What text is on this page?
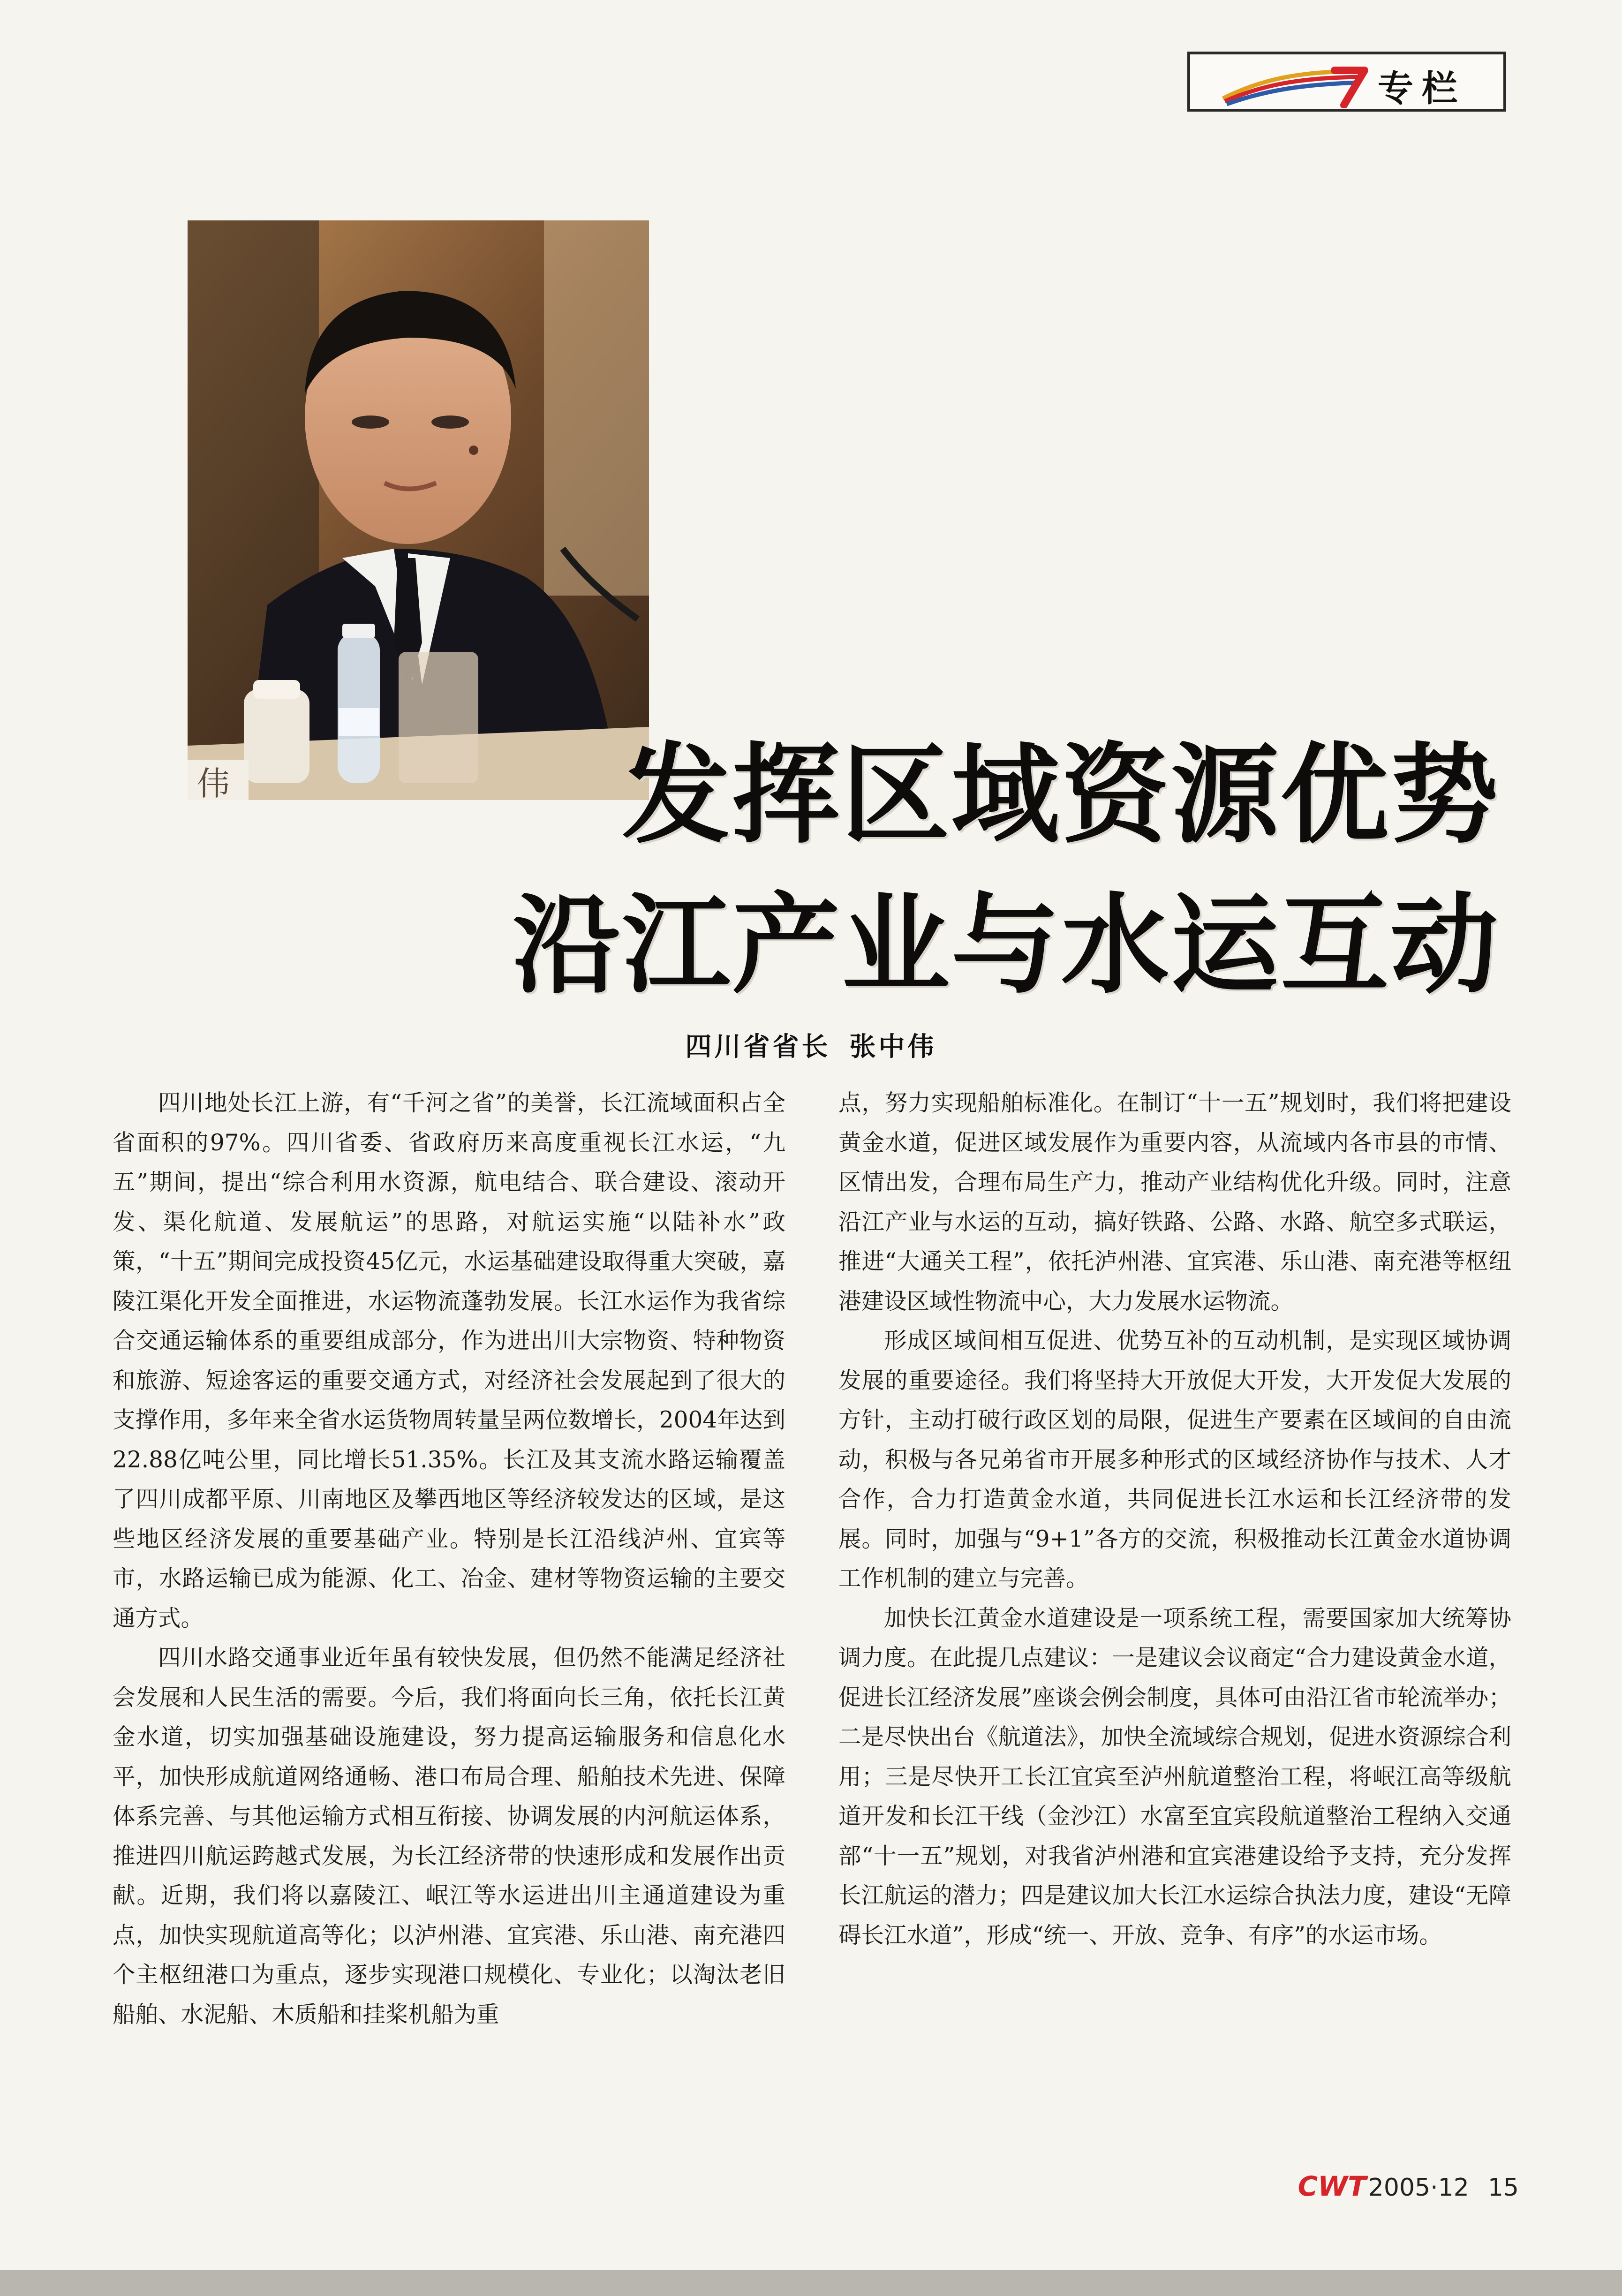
专栏
伟	发挥区域资源优势
沿江产业与水运互动
四川省省长 张中伟

四川地处长江上游，有“千河之省”的美誉，长江流域面积占全省面积的97%。四川省委、省政府历来高度重视长江水运，“九五”期间，提出“综合利用水资源，航电结合、联合建设、滚动开发、渠化航道、发展航运”的思路，对航运实施“以陆补水”政策，“十五”期间完成投资45亿元，水运基础建设取得重大突破，嘉陵江渠化开发全面推进，水运物流蓬勃发展。长江水运作为我省综合交通运输体系的重要组成部分，作为进出川大宗物资、特种物资和旅游、短途客运的重要交通方式，对经济社会发展起到了很大的支撑作用，多年来全省水运货物周转量呈两位数增长，2004年达到22.88亿吨公里，同比增长51.35%。长江及其支流水路运输覆盖了四川成都平原、川南地区及攀西地区等经济较发达的区域，是这些地区经济发展的重要基础产业。特别是长江沿线泸州、宜宾等市，水路运输已成为能源、化工、冶金、建材等物资运输的主要交通方式。

四川水路交通事业近年虽有较快发展，但仍然不能满足经济社会发展和人民生活的需要。今后，我们将面向长三角，依托长江黄金水道，切实加强基础设施建设，努力提高运输服务和信息化水平，加快形成航道网络通畅、港口布局合理、船舶技术先进、保障体系完善、与其他运输方式相互衔接、协调发展的内河航运体系，推进四川航运跨越式发展，为长江经济带的快速形成和发展作出贡献。近期，我们将以嘉陵江、岷江等水运进出川主通道建设为重点，加快实现航道高等化；以泸州港、宜宾港、乐山港、南充港四个主枢纽港口为重点，逐步实现港口规模化、专业化；以淘汰老旧船舶、水泥船、木质船和挂桨机船为重

点，努力实现船舶标准化。在制订“十一五”规划时，我们将把建设黄金水道，促进区域发展作为重要内容，从流域内各市县的市情、区情出发，合理布局生产力，推动产业结构优化升级。同时，注意沿江产业与水运的互动，搞好铁路、公路、水路、航空多式联运，推进“大通关工程”，依托泸州港、宜宾港、乐山港、南充港等枢纽港建设区域性物流中心，大力发展水运物流。

形成区域间相互促进、优势互补的互动机制，是实现区域协调发展的重要途径。我们将坚持大开放促大开发，大开发促大发展的方针，主动打破行政区划的局限，促进生产要素在区域间的自由流动，积极与各兄弟省市开展多种形式的区域经济协作与技术、人才合作，合力打造黄金水道，共同促进长江水运和长江经济带的发展。同时，加强与“9+1”各方的交流，积极推动长江黄金水道协调工作机制的建立与完善。

加快长江黄金水道建设是一项系统工程，需要国家加大统筹协调力度。在此提几点建议：一是建议会议商定“合力建设黄金水道，促进长江经济发展”座谈会例会制度，具体可由沿江省市轮流举办；二是尽快出台《航道法》，加快全流域综合规划，促进水资源综合利用；三是尽快开工长江宜宾至泸州航道整治工程，将岷江高等级航道开发和长江干线（金沙江）水富至宜宾段航道整治工程纳入交通部“十一五”规划，对我省泸州港和宜宾港建设给予支持，充分发挥长江航运的潜力；四是建议加大长江水运综合执法力度，建设“无障碍长江水道”，形成“统一、开放、竞争、有序”的水运市场。

CWT2005·12 15
